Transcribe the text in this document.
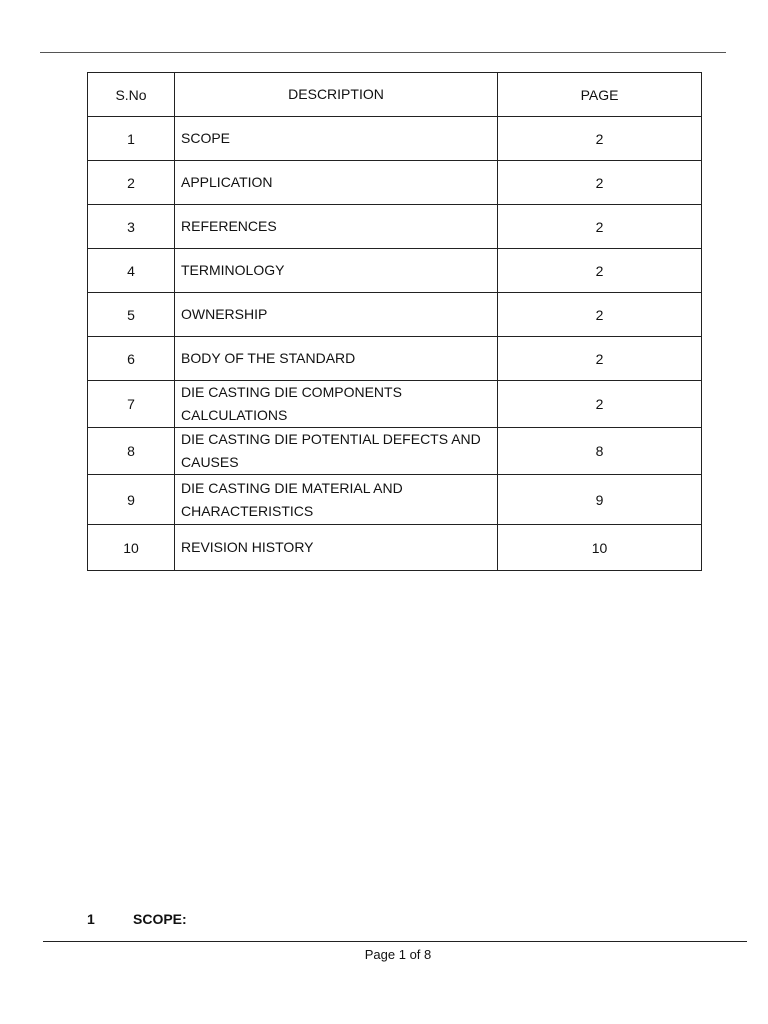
S.No	DESCRIPTION	PAGE
1	SCOPE	2
2	APPLICATION	2
3	REFERENCES	2
4	TERMINOLOGY	2
5	OWNERSHIP	2
6	BODY OF THE STANDARD	2
7	DIE CASTING DIE COMPONENTS CALCULATIONS	2
8	DIE CASTING DIE POTENTIAL DEFECTS AND CAUSES	8
9	DIE CASTING DIE MATERIAL AND CHARACTERISTICS	9
10	REVISION HISTORY	10
1	SCOPE:
Page 1 of 8
